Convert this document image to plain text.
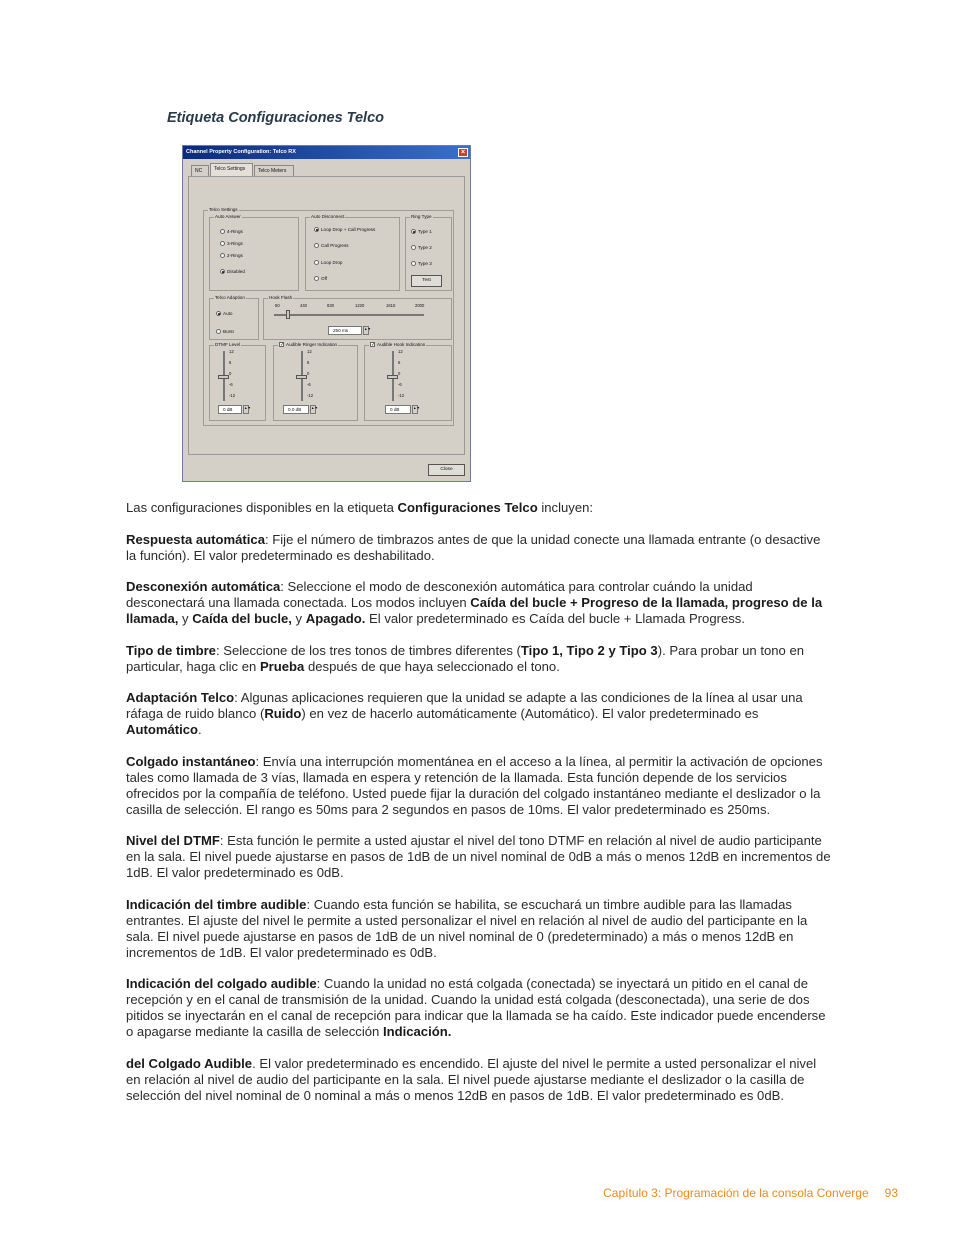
Etiqueta Configuraciones Telco
Channel Property Configuration: Telco RX	×
NC	Telco Settings	Telco Meters
Telco Settings
Auto Answer
4-Rings
3-Rings
2-Rings
Disabled
Auto Disconnect
Loop Drop + Call Progress
Call Progress
Loop Drop
Off
Ring Type
Type 1
Type 2
Type 3
Test
Telco Adaption
Auto
Burst
Hook Flash
50	440	830	1220	1610	2000
250 ms	▲▼
DTMF Level
12
6
0
-6
-12
0 dB	▲▼
✓ Audible Ringer Indication
12
6
0
-6
-12
0.0 dB	▲▼
✓ Audible Hook Indication
12
6
0
-6
-12
0 dB	▲▼
Close

Las configuraciones disponibles en la etiqueta Configuraciones Telco incluyen:

Respuesta automática: Fije el número de timbrazos antes de que la unidad conecte una llamada entrante (o desactive la función). El valor predeterminado es deshabilitado.

Desconexión automática: Seleccione el modo de desconexión automática para controlar cuándo la unidad desconectará una llamada conectada. Los modos incluyen Caída del bucle + Progreso de la llamada, progreso de la llamada, y Caída del bucle, y Apagado. El valor predeterminado es Caída del bucle + Llamada Progress.

Tipo de timbre: Seleccione de los tres tonos de timbres diferentes (Tipo 1, Tipo 2 y Tipo 3). Para probar un tono en particular, haga clic en Prueba después de que haya seleccionado el tono.

Adaptación Telco: Algunas aplicaciones requieren que la unidad se adapte a las condiciones de la línea al usar una ráfaga de ruido blanco (Ruido) en vez de hacerlo automáticamente (Automático). El valor predeterminado es Automático.

Colgado instantáneo: Envía una interrupción momentánea en el acceso a la línea, al permitir la activación de opciones tales como llamada de 3 vías, llamada en espera y retención de la llamada. Esta función depende de los servicios ofrecidos por la compañía de teléfono. Usted puede fijar la duración del colgado instantáneo mediante el deslizador o la casilla de selección. El rango es 50ms para 2 segundos en pasos de 10ms. El valor predeterminado es 250ms.

Nivel del DTMF: Esta función le permite a usted ajustar el nivel del tono DTMF en relación al nivel de audio participante en la sala. El nivel puede ajustarse en pasos de 1dB de un nivel nominal de 0dB a más o menos 12dB en incrementos de 1dB. El valor predeterminado es 0dB.

Indicación del timbre audible: Cuando esta función se habilita, se escuchará un timbre audible para las llamadas entrantes. El ajuste del nivel le permite a usted personalizar el nivel en relación al nivel de audio del participante en la sala. El nivel puede ajustarse en pasos de 1dB de un nivel nominal de 0 (predeterminado) a más o menos 12dB en incrementos de 1dB. El valor predeterminado es 0dB.

Indicación del colgado audible: Cuando la unidad no está colgada (conectada) se inyectará un pitido en el canal de recepción y en el canal de transmisión de la unidad. Cuando la unidad está colgada (desconectada), una serie de dos pitidos se inyectarán en el canal de recepción para indicar que la llamada se ha caído. Este indicador puede encenderse o apagarse mediante la casilla de selección Indicación.

del Colgado Audible. El valor predeterminado es encendido. El ajuste del nivel le permite a usted personalizar el nivel en relación al nivel de audio del participante en la sala. El nivel puede ajustarse mediante el deslizador o la casilla de selección del nivel nominal de 0 nominal a más o menos 12dB en pasos de 1dB. El valor predeterminado es 0dB.

Capítulo 3: Programación de la consola Converge 93
